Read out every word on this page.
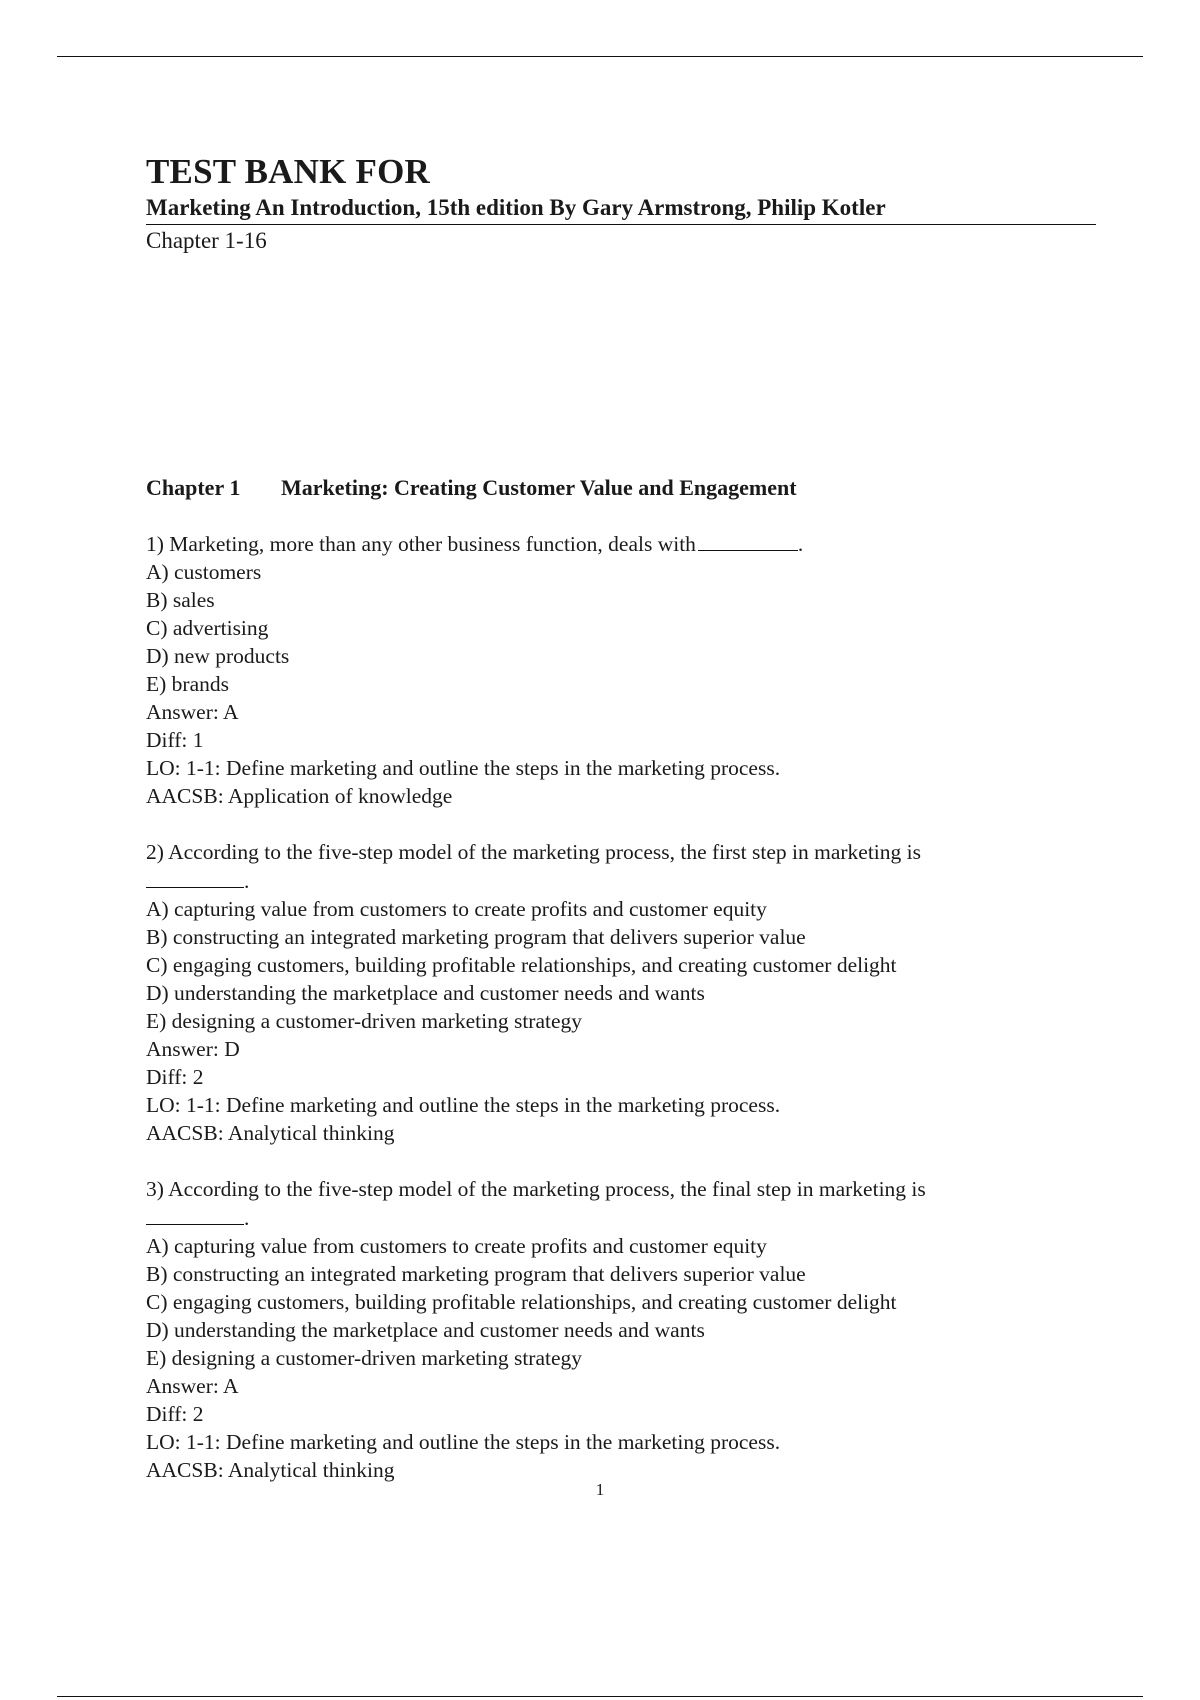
TEST BANK FOR

Marketing An Introduction, 15th edition By Gary Armstrong, Philip Kotler

Chapter 1-16

Chapter 1 Marketing: Creating Customer Value and Engagement
1) Marketing, more than any other business function, deals with	.
A) customers
B) sales
C) advertising
D) new products
E) brands
Answer: A
Diff: 1
LO: 1-1: Define marketing and outline the steps in the marketing process.
AACSB: Application of knowledge
2) According to the five-step model of the marketing process, the first step in marketing is
.
A) capturing value from customers to create profits and customer equity
B) constructing an integrated marketing program that delivers superior value
C) engaging customers, building profitable relationships, and creating customer delight
D) understanding the marketplace and customer needs and wants
E) designing a customer-driven marketing strategy
Answer: D
Diff: 2
LO: 1-1: Define marketing and outline the steps in the marketing process.
AACSB: Analytical thinking
3) According to the five-step model of the marketing process, the final step in marketing is
.
A) capturing value from customers to create profits and customer equity
B) constructing an integrated marketing program that delivers superior value
C) engaging customers, building profitable relationships, and creating customer delight
D) understanding the marketplace and customer needs and wants
E) designing a customer-driven marketing strategy
Answer: A
Diff: 2
LO: 1-1: Define marketing and outline the steps in the marketing process.
AACSB: Analytical thinking
1
